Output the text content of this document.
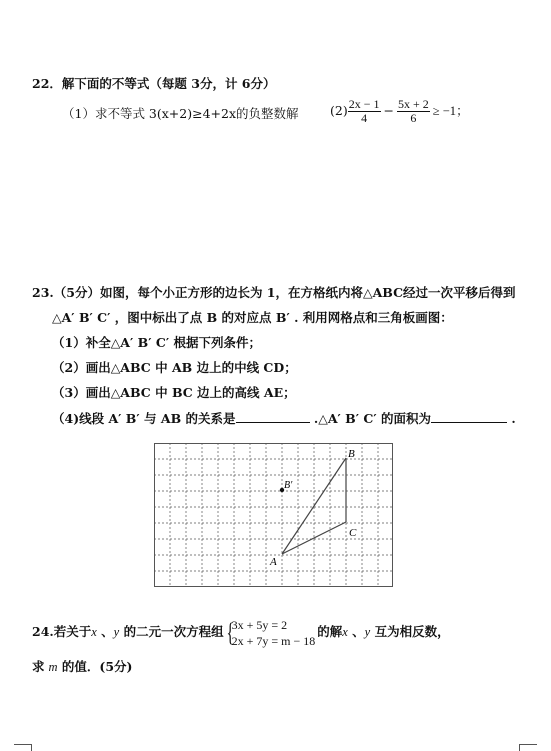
22．解下面的不等式（每题 3分，计 6分）
（1）求不等式 3(x+2)≥4+2x的负整数解	$(2) \frac{2x - 1}{4} - \frac{5x + 2}{6} \ge -1$；
23.（5分）如图，每个小正方形的边长为 1，在方格纸内将△ABC经过一次平移后得到
△A′ B′ C′ ，图中标出了点 B 的对应点 B′ . 利用网格点和三角板画图：
（1）补全△A′ B′ C′ 根据下列条件；
（2）画出△ABC 中 AB 边上的中线 CD；
（3）画出△ABC 中 BC 边上的高线 AE；
（4)线段 A′ B′ 与 AB 的关系是	.△A′ B′ C′ 的面积为	.
B
C
A
B′
24.若关于x 、y 的二元一次方程组 {
3x + 5y = 2
2x + 7y = m − 18
的解x 、y 互为相反数，
求 m 的值．(5分)
